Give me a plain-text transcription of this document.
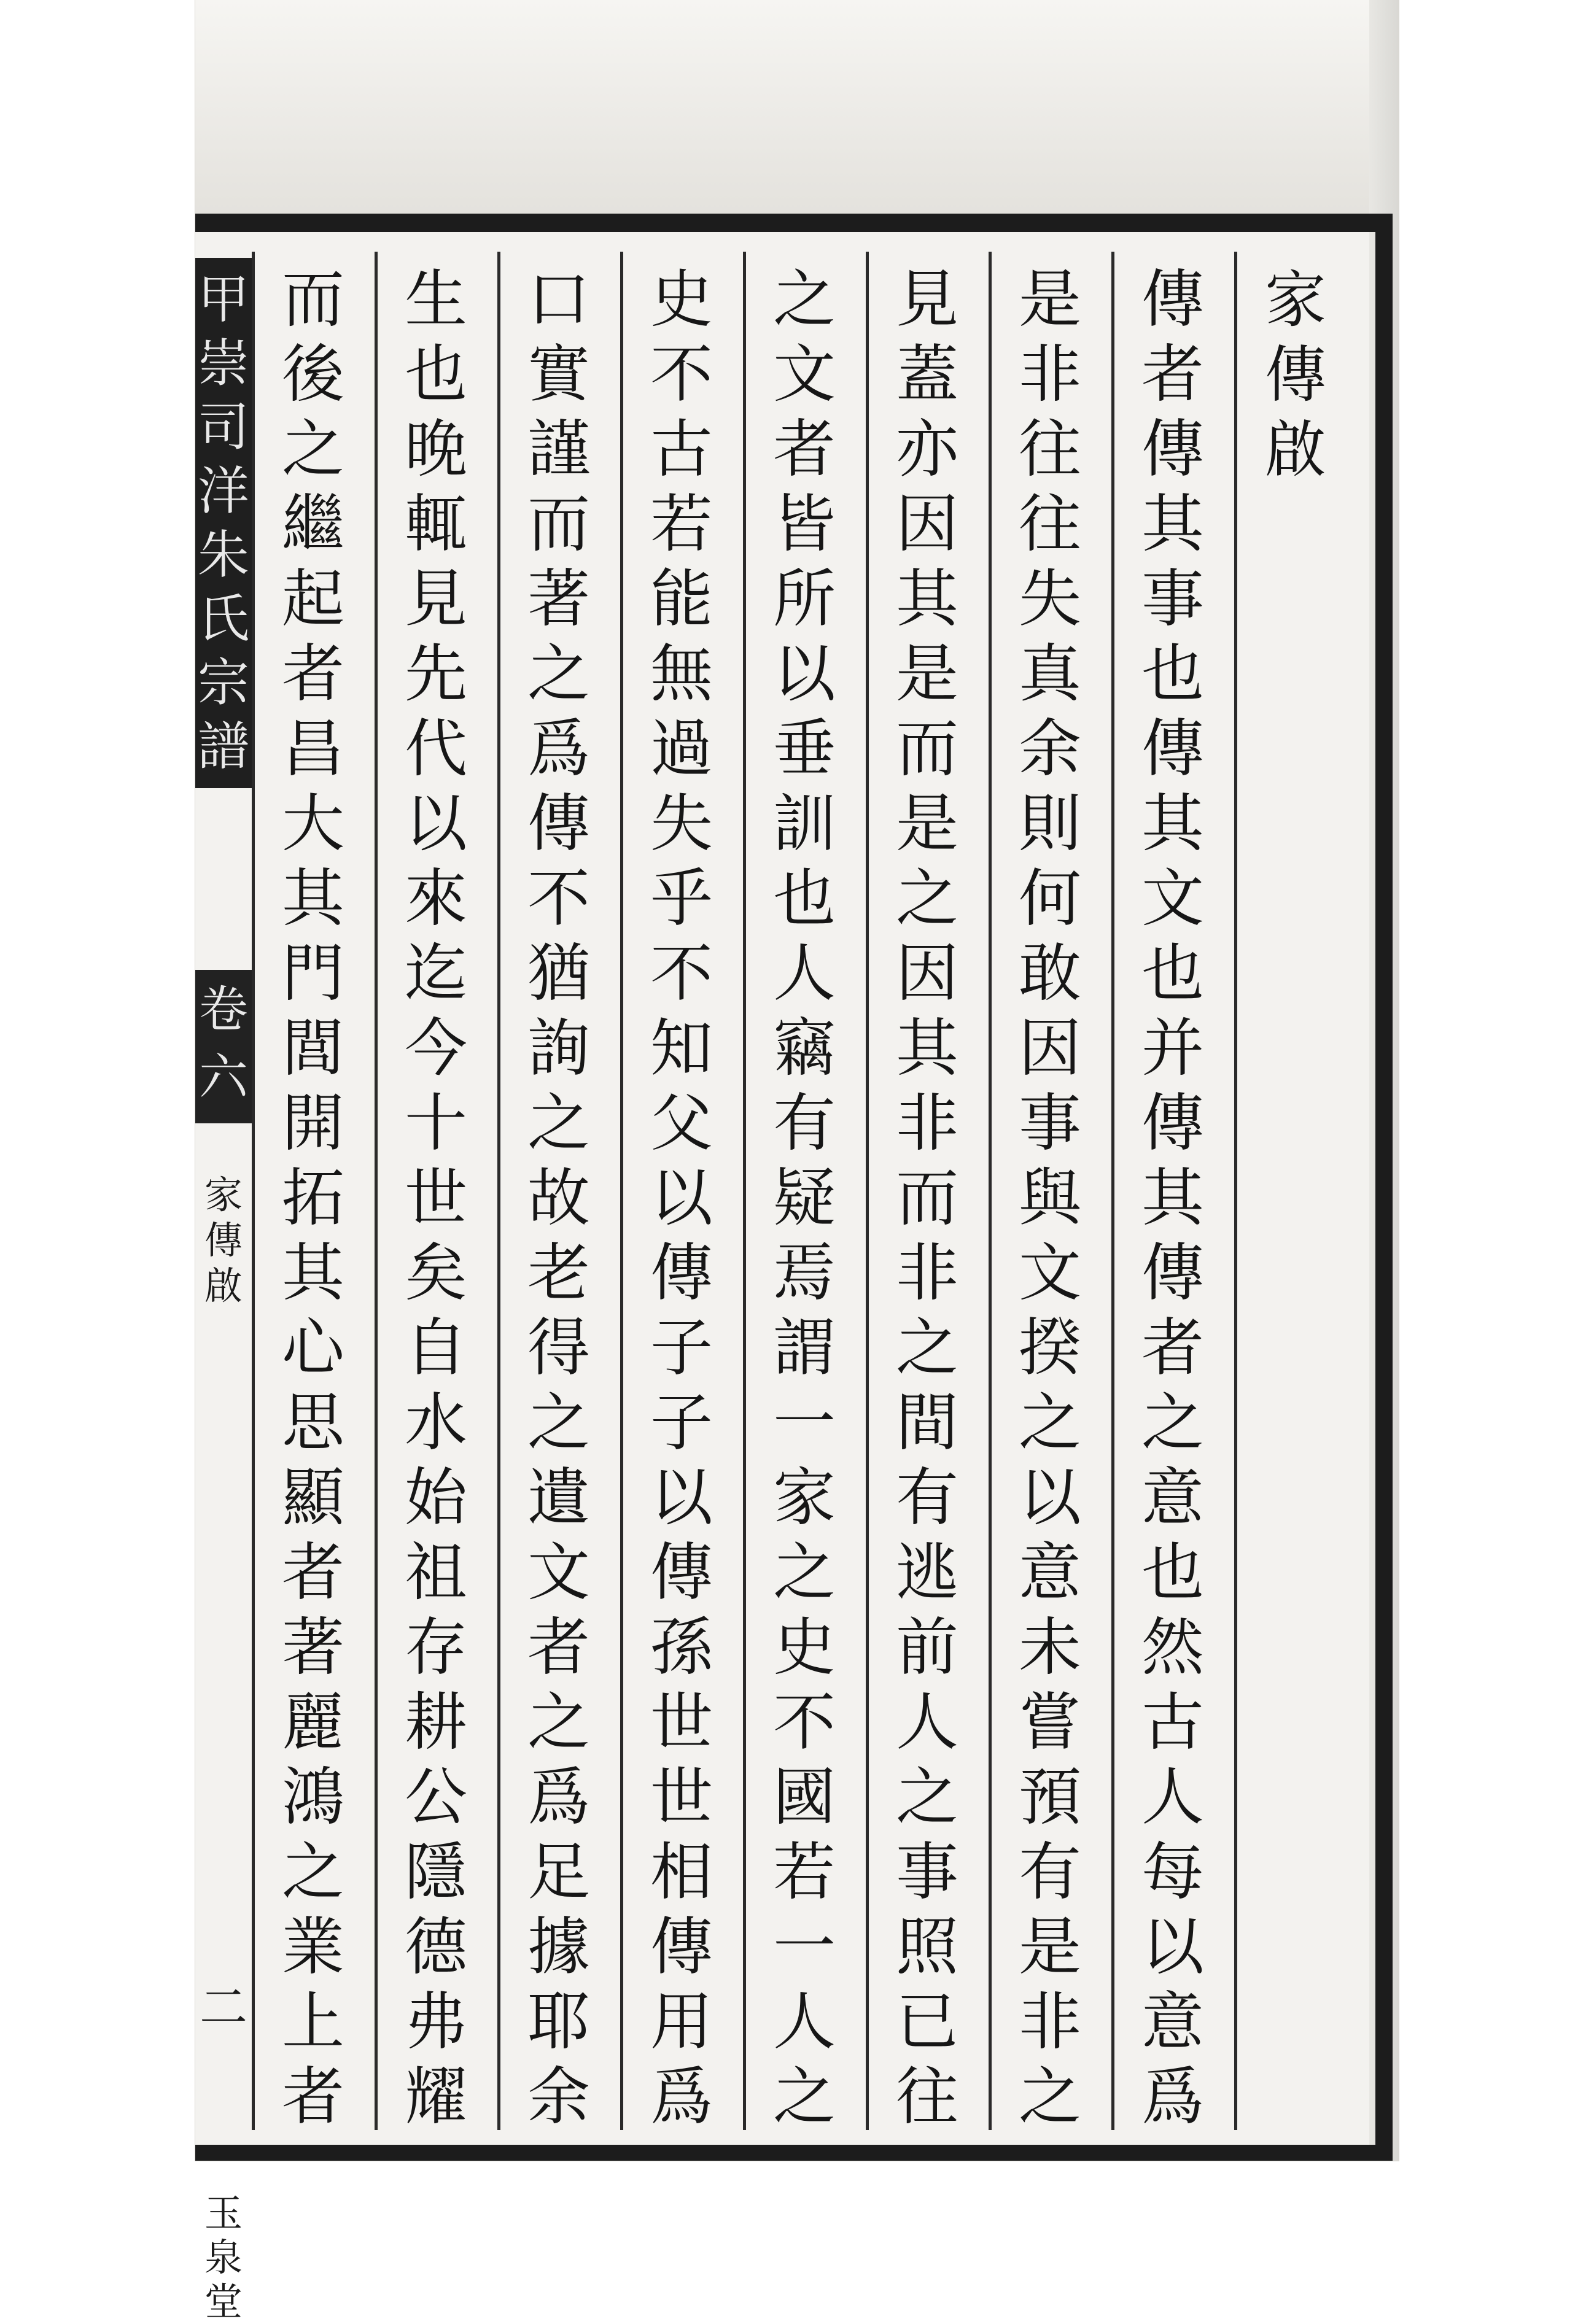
家
傳
啟
傳
者
傳
其
事
也
傳
其
文
也
并
傳
其
傳
者
之
意
也
然
古
人
每
以
意
爲
是
非
往
往
失
真
余
則
何
敢
因
事
與
文
揆
之
以
意
未
嘗
預
有
是
非
之
見
蓋
亦
因
其
是
而
是
之
因
其
非
而
非
之
間
有
逃
前
人
之
事
照
已
往
之
文
者
皆
所
以
垂
訓
也
人
竊
有
疑
焉
謂
一
家
之
史
不
國
若
一
人
之
史
不
古
若
能
無
過
失
乎
不
知
父
以
傳
子
子
以
傳
孫
世
世
相
傳
用
爲
口
實
謹
而
著
之
爲
傳
不
猶
詢
之
故
老
得
之
遺
文
者
之
爲
足
據
耶
余
生
也
晚
輒
見
先
代
以
來
迄
今
十
世
矣
自
水
始
祖
存
耕
公
隱
德
弗
耀
而
後
之
繼
起
者
昌
大
其
門
閭
開
拓
其
心
思
顯
者
著
麗
鴻
之
業
上
者
甲
崇
司
洋
朱
氏
宗
譜
卷
六
家
傳
啟
二
玉
泉
堂
